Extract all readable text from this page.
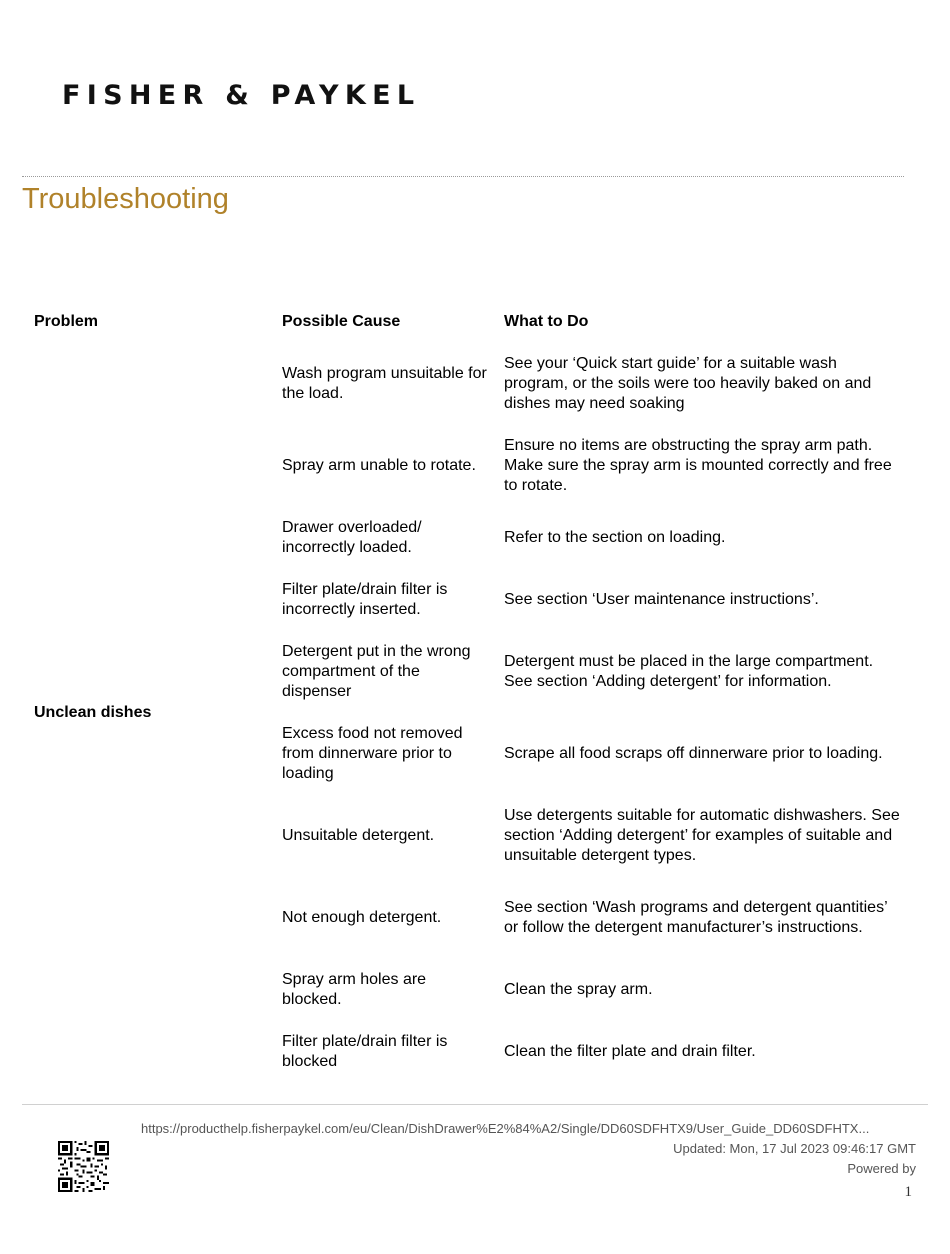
FISHER & PAYKEL
Troubleshooting
Problem	Possible Cause	What to Do
Unclean dishes
Wash program unsuitable for the load.
See your ‘Quick start guide’ for a suitable wash program, or the soils were too heavily baked on and dishes may need soaking
Spray arm unable to rotate.
Ensure no items are obstructing the spray arm path. Make sure the spray arm is mounted correctly and free to rotate.
Drawer overloaded/ incorrectly loaded.
Refer to the section on loading.
Filter plate/drain filter is incorrectly inserted.
See section ‘User maintenance instructions’.
Detergent put in the wrong compartment of the dispenser
Detergent must be placed in the large compartment. See section ‘Adding detergent’ for information.
Excess food not removed from dinnerware prior to loading
Scrape all food scraps off dinnerware prior to loading.
Unsuitable detergent.
Use detergents suitable for automatic dishwashers. See section ‘Adding detergent’ for examples of suitable and unsuitable detergent types.
Not enough detergent.
See section ‘Wash programs and detergent quantities’ or follow the detergent manufacturer’s instructions.
Spray arm holes are blocked.
Clean the spray arm.
Filter plate/drain filter is blocked
Clean the filter plate and drain filter.
https://producthelp.fisherpaykel.com/eu/Clean/DishDrawer%E2%84%A2/Single/DD60SDFHTX9/User_Guide_DD60SDFHTX...
Updated: Mon, 17 Jul 2023 09:46:17 GMT
Powered by
1
